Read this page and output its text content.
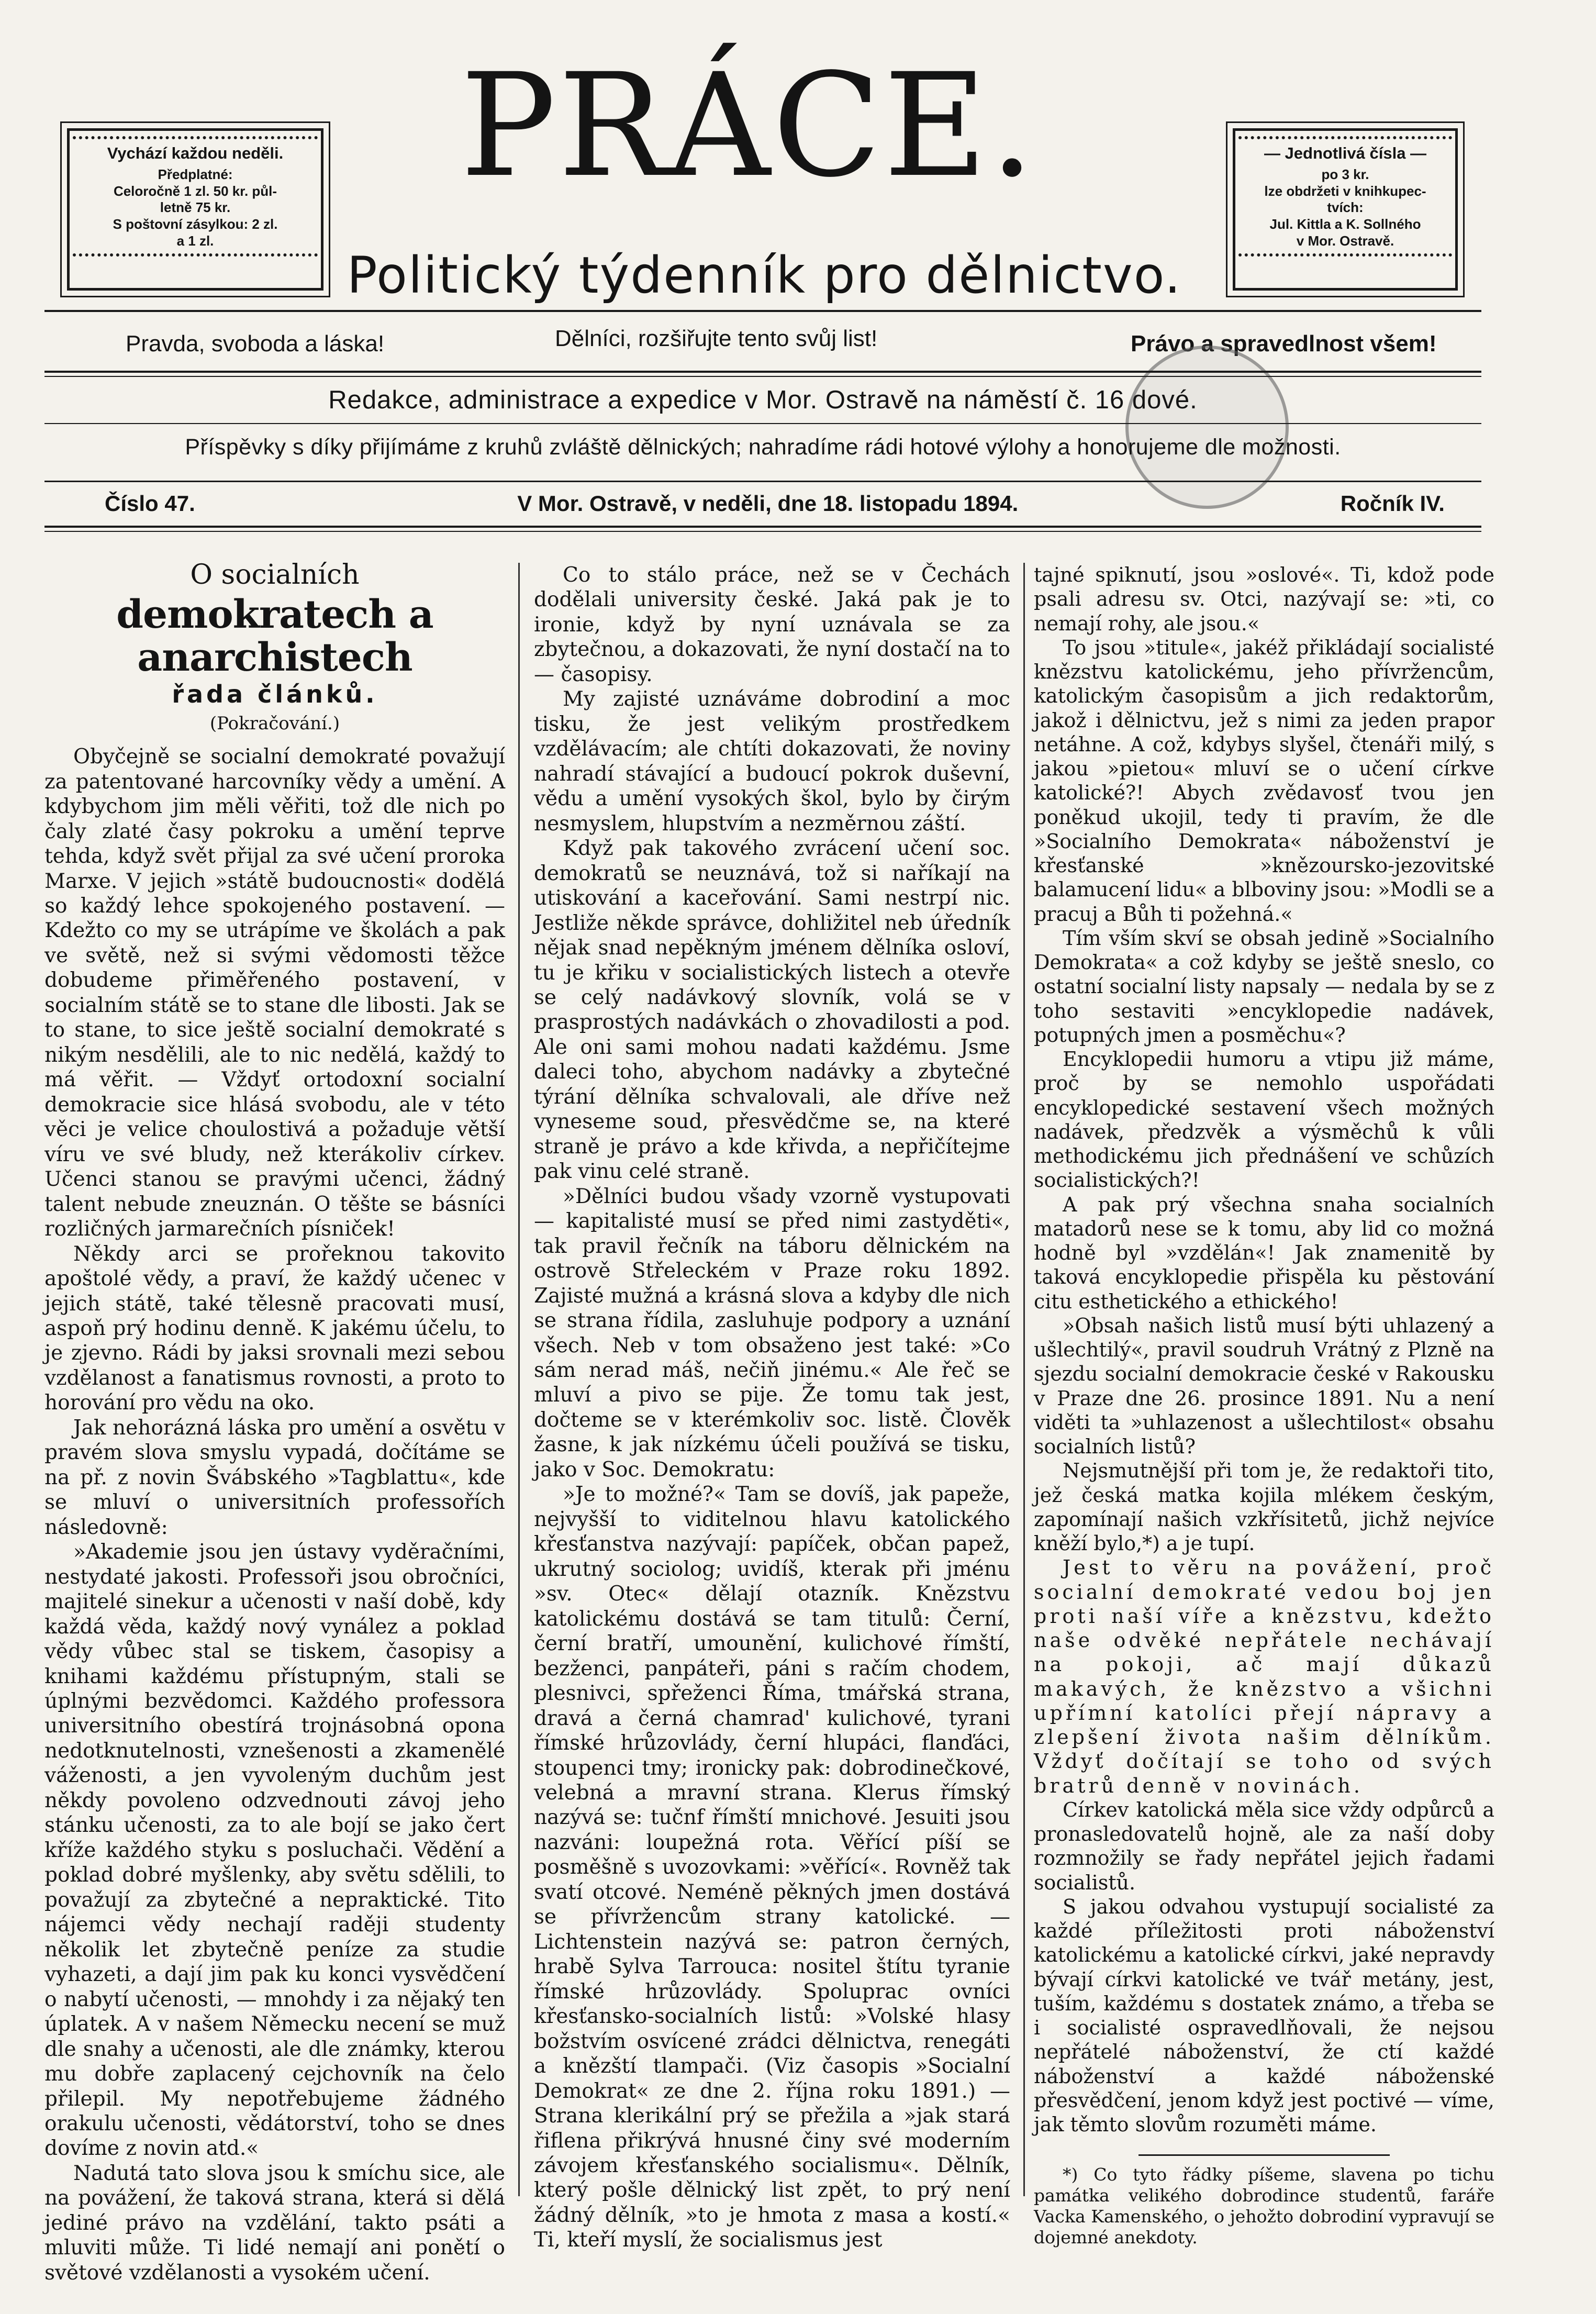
Vychází každou neděli.
Předplatné:
Celoročně 1 zl. 50 kr. půl-
letně 75 kr.
S poštovní zásylkou: 2 zl.
a 1 zl.
PRÁCE.
Politický týdenník pro dělnictvo.
— Jednotlivá čísla —
po 3 kr.
lze obdržeti v knihkupec-
tvích:
Jul. Kittla a K. Sollného
v Mor. Ostravě.
Pravda, svoboda a láska!	Dělníci, rozšiřujte tento svůj list!	Právo a spravedlnost všem!
Redakce, administrace a expedice v Mor. Ostravě na náměstí č. 16 dové.
Příspěvky s díky přijímáme z kruhů zvláště dělnických; nahradíme rádi hotové výlohy a honorujeme dle možnosti.
Číslo 47.	V Mor. Ostravě, v neděli, dne 18. listopadu 1894.	Ročník IV.
O socialních
demokratech a anarchistech
řada článků.
(Pokračování.)

Obyčejně se socialní demokraté považují za patentované harcovníky vědy a umění. A kdybychom jim měli věřiti, tož dle nich po čaly zlaté časy pokroku a umění teprve tehda, když svět přijal za své učení proroka Marxe. V jejich »státě budoucnosti« dodělá so každý lehce spokojeného postavení. — Kdežto co my se utrápíme ve školách a pak ve světě, než si svými vědomosti těžce dobudeme přiměřeného postavení, v socialním státě se to stane dle libosti. Jak se to stane, to sice ještě socialní demokraté s nikým nesdělili, ale to nic nedělá, každý to má věřit. — Vždyť ortodoxní socialní demokracie sice hlásá svobodu, ale v této věci je velice choulostivá a požaduje větší víru ve své bludy, než kterákoliv církev. Učenci stanou se pravými učenci, žádný talent nebude zneuznán. O těšte se básníci rozličných jarmarečních písniček!

Někdy arci se prořeknou takovito apoštolé vědy, a praví, že každý učenec v jejich státě, také tělesně pracovati musí, aspoň prý hodinu denně. K jakému účelu, to je zjevno. Rádi by jaksi srovnali mezi sebou vzdělanost a fanatismus rovnosti, a proto to horování pro vědu na oko.

Jak nehorázná láska pro umění a osvětu v pravém slova smyslu vypadá, dočítáme se na př. z novin Švábského »Tagblattu«, kde se mluví o universitních professořích následovně:

»Akademie jsou jen ústavy vyděračními, nestydaté jakosti. Professoři jsou obročníci, majitelé sinekur a učenosti v naší době, kdy každá věda, každý nový vynález a poklad vědy vůbec stal se tiskem, časopisy a knihami každému přístupným, stali se úplnými bezvědomci. Každého professora universitního obestírá trojnásobná opona nedotknutelnosti, vznešenosti a zkamenělé váženosti, a jen vyvoleným duchům jest někdy povoleno odzvednouti závoj jeho stánku učenosti, za to ale bojí se jako čert kříže každého styku s posluchači. Vědění a poklad dobré myšlenky, aby světu sdělili, to považují za zbytečné a nepraktické. Tito nájemci vědy nechají raději studenty několik let zbytečně peníze za studie vyhazeti, a dají jim pak ku konci vysvědčení o nabytí učenosti, — mnohdy i za nějaký ten úplatek. A v našem Německu necení se muž dle snahy a učenosti, ale dle známky, kterou mu dobře zaplacený cejchovník na čelo přilepil. My nepotřebujeme žádného orakulu učenosti, vědátorství, toho se dnes dovíme z novin atd.«

Nadutá tato slova jsou k smíchu sice, ale na povážení, že taková strana, která si dělá jediné právo na vzdělání, takto psáti a mluviti může. Ti lidé nemají ani ponětí o světové vzdělanosti a vysokém učení.

Co to stálo práce, než se v Čechách dodělali university české. Jaká pak je to ironie, když by nyní uznávala se za zbytečnou, a dokazovati, že nyní dostačí na to — časopisy.

My zajisté uznáváme dobrodiní a moc tisku, že jest velikým prostředkem vzdělávacím; ale chtíti dokazovati, že noviny nahradí stávající a budoucí pokrok duševní, vědu a umění vysokých škol, bylo by čirým nesmyslem, hlupstvím a nezměrnou záští.

Když pak takového zvrácení učení soc. demokratů se neuznává, tož si naříkají na utiskování a kaceřování. Sami nestrpí nic. Jestliže někde správce, dohližitel neb úředník nějak snad nepěkným jménem dělníka osloví, tu je křiku v socialistických listech a otevře se celý nadávkový slovník, volá se v prasprostých nadávkách o zhovadilosti a pod. Ale oni sami mohou nadati každému. Jsme daleci toho, abychom nadávky a zbytečné týrání dělníka schvalovali, ale dříve než vyneseme soud, přesvědčme se, na které straně je právo a kde křivda, a nepřičítejme pak vinu celé straně.

»Dělníci budou všady vzorně vystupovati — kapitalisté musí se před nimi zastyděti«, tak pravil řečník na táboru dělnickém na ostrově Střeleckém v Praze roku 1892. Zajisté mužná a krásná slova a kdyby dle nich se strana řídila, zasluhuje podpory a uznání všech. Neb v tom obsaženo jest také: »Co sám nerad máš, nečiň jinému.« Ale řeč se mluví a pivo se pije. Že tomu tak jest, dočteme se v kterémkoliv soc. listě. Člověk žasne, k jak nízkému účeli používá se tisku, jako v Soc. Demokratu:

»Je to možné?« Tam se dovíš, jak papeže, nejvyšší to viditelnou hlavu katolického křesťanstva nazývají: papíček, občan papež, ukrutný sociolog; uvidíš, kterak při jménu »sv. Otec« dělají otazník. Knězstvu katolickému dostává se tam titulů: Černí, černí bratří, umounění, kulichové římští, bezženci, panpáteři, páni s račím chodem, plesnivci, spřeženci Říma, tmářská strana, dravá a černá chamrad' kulichové, tyrani římské hrůzovlády, černí hlupáci, flanďáci, stoupenci tmy; ironicky pak: dobrodinečkové, velebná a mravní strana. Klerus římský nazývá se: tučnf římští mnichové. Jesuiti jsou nazváni: loupežná rota. Věřící píší se posměšně s uvozovkami: »věřící«. Rovněž tak svatí otcové. Neméně pěkných jmen dostává se přívržencům strany katolické. — Lichtenstein nazývá se: patron černých, hrabě Sylva Tarrouca: nositel štítu tyranie římské hrůzovlády. Spoluprac ovníci křesťansko-socialních listů: »Volské hlasy božstvím osvícené zrádci dělnictva, renegáti a knězští tlampači. (Viz časopis »Socialní Demokrat« ze dne 2. října roku 1891.) — Strana klerikální prý se přežila a »jak stará řiflena přikrývá hnusné činy své moderním závojem křesťanského socialismu«. Dělník, který pošle dělnický list zpět, to prý není žádný dělník, »to je hmota z masa a kostí.« Ti, kteří myslí, že socialismus jest

tajné spiknutí, jsou »oslové«. Ti, kdož pode psali adresu sv. Otci, nazývají se: »ti, co nemají rohy, ale jsou.«

To jsou »titule«, jakéž přikládají socialisté knězstvu katolickému, jeho přívržencům, katolickým časopisům a jich redaktorům, jakož i dělnictvu, jež s nimi za jeden prapor netáhne. A což, kdybys slyšel, čtenáři milý, s jakou »pietou« mluví se o učení církve katolické?! Abych zvědavosť tvou jen poněkud ukojil, tedy ti pravím, že dle »Socialního Demokrata« náboženství je křesťanské »knězoursko-jezovitské balamucení lidu« a blboviny jsou: »Modli se a pracuj a Bůh ti požehná.«

Tím vším skví se obsah jedině »Socialního Demokrata« a což kdyby se ještě sneslo, co ostatní socialní listy napsaly — nedala by se z toho sestaviti »encyklopedie nadávek, potupných jmen a posměchu«?

Encyklopedii humoru a vtipu již máme, proč by se nemohlo uspořádati encyklopedické sestavení všech možných nadávek, předzvěk a výsměchů k vůli methodickému jich přednášení ve schůzích socialistických?!

A pak prý všechna snaha socialních matadorů nese se k tomu, aby lid co možná hodně byl »vzdělán«! Jak znamenitě by taková encyklopedie přispěla ku pěstování citu esthetického a ethického!

»Obsah našich listů musí býti uhlazený a ušlechtilý«, pravil soudruh Vrátný z Plzně na sjezdu socialní demokracie české v Rakousku v Praze dne 26. prosince 1891. Nu a není viděti ta »uhlazenost a ušlechtilost« obsahu socialních listů?

Nejsmutnější při tom je, že redaktoři tito, jež česká matka kojila mlékem českým, zapomínají našich vzkřísitetů, jichž nejvíce kněží bylo,*) a je tupí.

Jest to věru na povážení, proč socialní demokraté vedou boj jen proti naší víře a knězstvu, kdežto naše odvěké nepřátele nechávají na pokoji, ač mají důkazů makavých, že knězstvo a všichni upřímní katolíci přejí nápravy a zlepšení života našim dělníkům. Vždyť dočítají se toho od svých bratrů denně v novinách.

Církev katolická měla sice vždy odpůrců a pronasledovatelů hojně, ale za naší doby rozmnožily se řady nepřátel jejich řadami socialistů.

S jakou odvahou vystupují socialisté za každé příležitosti proti náboženství katolickému a katolické církvi, jaké nepravdy bývají církvi katolické ve tvář metány, jest, tuším, každému s dostatek známo, a třeba se i socialisté ospravedlňovali, že nejsou nepřátelé náboženství, že ctí každé náboženství a každé náboženské přesvědčení, jenom když jest poctivé — víme, jak těmto slovům rozuměti máme.

*) Co tyto řádky píšeme, slavena po tichu památka velikého dobrodince studentů, faráře Vacka Kamenského, o jehožto dobrodiní vypravují se dojemné anekdoty.
